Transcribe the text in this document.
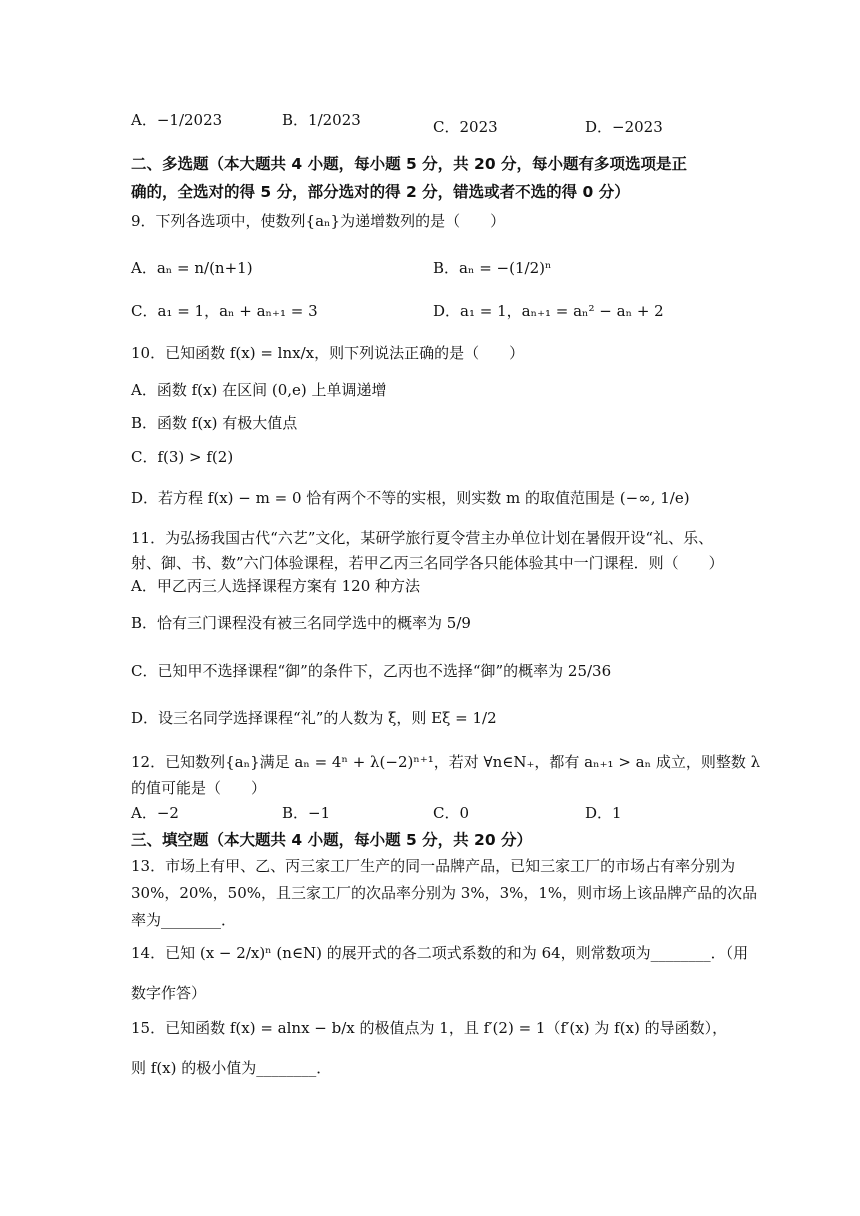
A．−1/2023	B．1/2023	C．2023	D．−2023
二、多选题（本大题共 4 小题，每小题 5 分，共 20 分，每小题有多项选项是正
确的，全选对的得 5 分，部分选对的得 2 分，错选或者不选的得 0 分）
9．下列各选项中，使数列{aₙ}为递增数列的是（　　）
A．aₙ = n/(n+1)	B．aₙ = −(1/2)ⁿ
C．a₁ = 1，aₙ + aₙ₊₁ = 3	D．a₁ = 1，aₙ₊₁ = aₙ² − aₙ + 2
10．已知函数 f(x) = lnx/x，则下列说法正确的是（　　）
A．函数 f(x) 在区间 (0,e) 上单调递增
B．函数 f(x) 有极大值点
C．f(3) > f(2)
D．若方程 f(x) − m = 0 恰有两个不等的实根，则实数 m 的取值范围是 (−∞, 1/e)
11．为弘扬我国古代“六艺”文化，某研学旅行夏令营主办单位计划在暑假开设“礼、乐、
射、御、书、数”六门体验课程，若甲乙丙三名同学各只能体验其中一门课程．则（　　）
A．甲乙丙三人选择课程方案有 120 种方法
B．恰有三门课程没有被三名同学选中的概率为 5/9
C．已知甲不选择课程“御”的条件下，乙丙也不选择“御”的概率为 25/36
D．设三名同学选择课程“礼”的人数为 ξ，则 Eξ = 1/2
12．已知数列{aₙ}满足 aₙ = 4ⁿ + λ(−2)ⁿ⁺¹，若对 ∀n∈N₊，都有 aₙ₊₁ > aₙ 成立，则整数 λ
的值可能是（　　）
A．−2	B．−1	C．0	D．1
三、填空题（本大题共 4 小题，每小题 5 分，共 20 分）
13．市场上有甲、乙、丙三家工厂生产的同一品牌产品，已知三家工厂的市场占有率分别为
30%，20%，50%，且三家工厂的次品率分别为 3%，3%，1%，则市场上该品牌产品的次品
率为________．
14．已知 (x − 2/x)ⁿ (n∈N) 的展开式的各二项式系数的和为 64，则常数项为________．（用
数字作答）
15．已知函数 f(x) = alnx − b/x 的极值点为 1，且 f′(2) = 1（f′(x) 为 f(x) 的导函数），
则 f(x) 的极小值为________．
